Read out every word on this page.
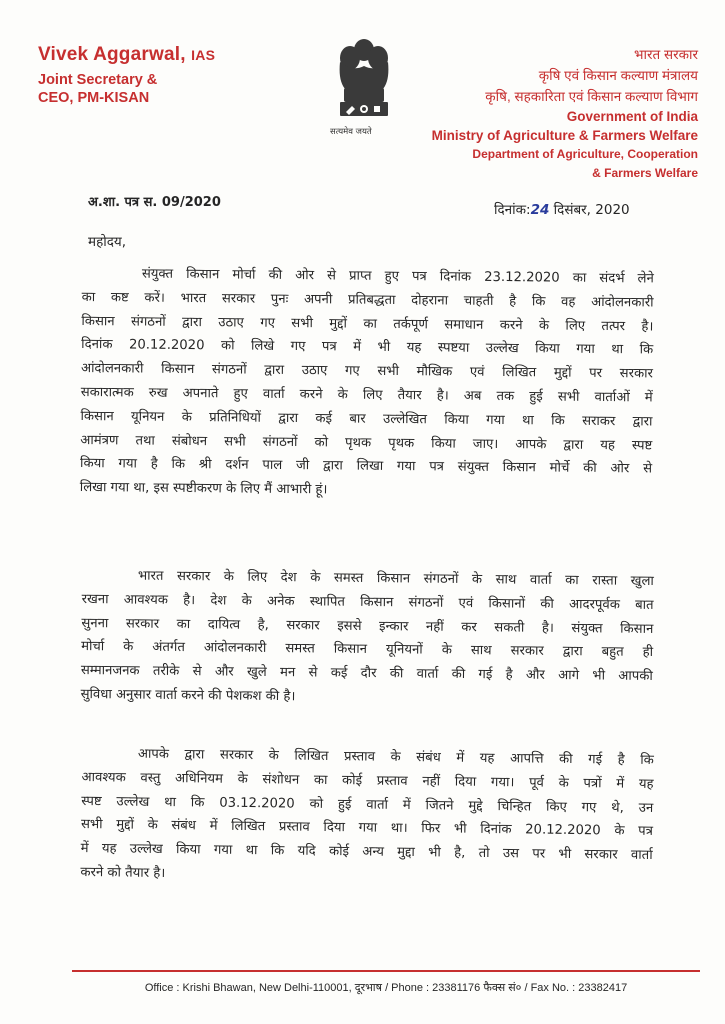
Vivek Aggarwal, IAS
Joint Secretary &
CEO, PM-KISAN
सत्यमेव जयते
भारत सरकार
कृषि एवं किसान कल्याण मंत्रालय
कृषि, सहकारिता एवं किसान कल्याण विभाग
Government of India
Ministry of Agriculture & Farmers Welfare
Department of Agriculture, Cooperation
& Farmers Welfare
अ.शा. पत्र स. 09/2020	दिनांक:24 दिसंबर, 2020
महोदय,
संयुक्त किसान मोर्चा की ओर से प्राप्त हुए पत्र दिनांक 23.12.2020 का संदर्भ लेने
का कष्ट करें। भारत सरकार पुनः अपनी प्रतिबद्धता दोहराना चाहती है कि वह आंदोलनकारी
किसान संगठनों द्वारा उठाए गए सभी मुद्दों का तर्कपूर्ण समाधान करने के लिए तत्पर है।
दिनांक 20.12.2020 को लिखे गए पत्र में भी यह स्पष्टया उल्लेख किया गया था कि
आंदोलनकारी किसान संगठनों द्वारा उठाए गए सभी मौखिक एवं लिखित मुद्दों पर सरकार
सकारात्मक रुख अपनाते हुए वार्ता करने के लिए तैयार है। अब तक हुई सभी वार्ताओं में
किसान यूनियन के प्रतिनिधियों द्वारा कई बार उल्लेखित किया गया था कि सराकर द्वारा
आमंत्रण तथा संबोधन सभी संगठनों को पृथक पृथक किया जाए। आपके द्वारा यह स्पष्ट
किया गया है कि श्री दर्शन पाल जी द्वारा लिखा गया पत्र संयुक्त किसान मोर्चे की ओर से
लिखा गया था, इस स्पष्टीकरण के लिए मैं आभारी हूं।
भारत सरकार के लिए देश के समस्त किसान संगठनों के साथ वार्ता का रास्ता खुला
रखना आवश्यक है। देश के अनेक स्थापित किसान संगठनों एवं किसानों की आदरपूर्वक बात
सुनना सरकार का दायित्व है, सरकार इससे इन्कार नहीं कर सकती है। संयुक्त किसान
मोर्चा के अंतर्गत आंदोलनकारी समस्त किसान यूनियनों के साथ सरकार द्वारा बहुत ही
सम्मानजनक तरीके से और खुले मन से कई दौर की वार्ता की गई है और आगे भी आपकी
सुविधा अनुसार वार्ता करने की पेशकश की है।
आपके द्वारा सरकार के लिखित प्रस्ताव के संबंध में यह आपत्ति की गई है कि
आवश्यक वस्तु अधिनियम के संशोधन का कोई प्रस्ताव नहीं दिया गया। पूर्व के पत्रों में यह
स्पष्ट उल्लेख था कि 03.12.2020 को हुई वार्ता में जितने मुद्दे चिन्हित किए गए थे, उन
सभी मुद्दों के संबंध में लिखित प्रस्ताव दिया गया था। फिर भी दिनांक 20.12.2020 के पत्र
में यह उल्लेख किया गया था कि यदि कोई अन्य मुद्दा भी है, तो उस पर भी सरकार वार्ता
करने को तैयार है।
Office : Krishi Bhawan, New Delhi-110001, दूरभाष / Phone : 23381176 फैक्स सं० / Fax No. : 23382417
